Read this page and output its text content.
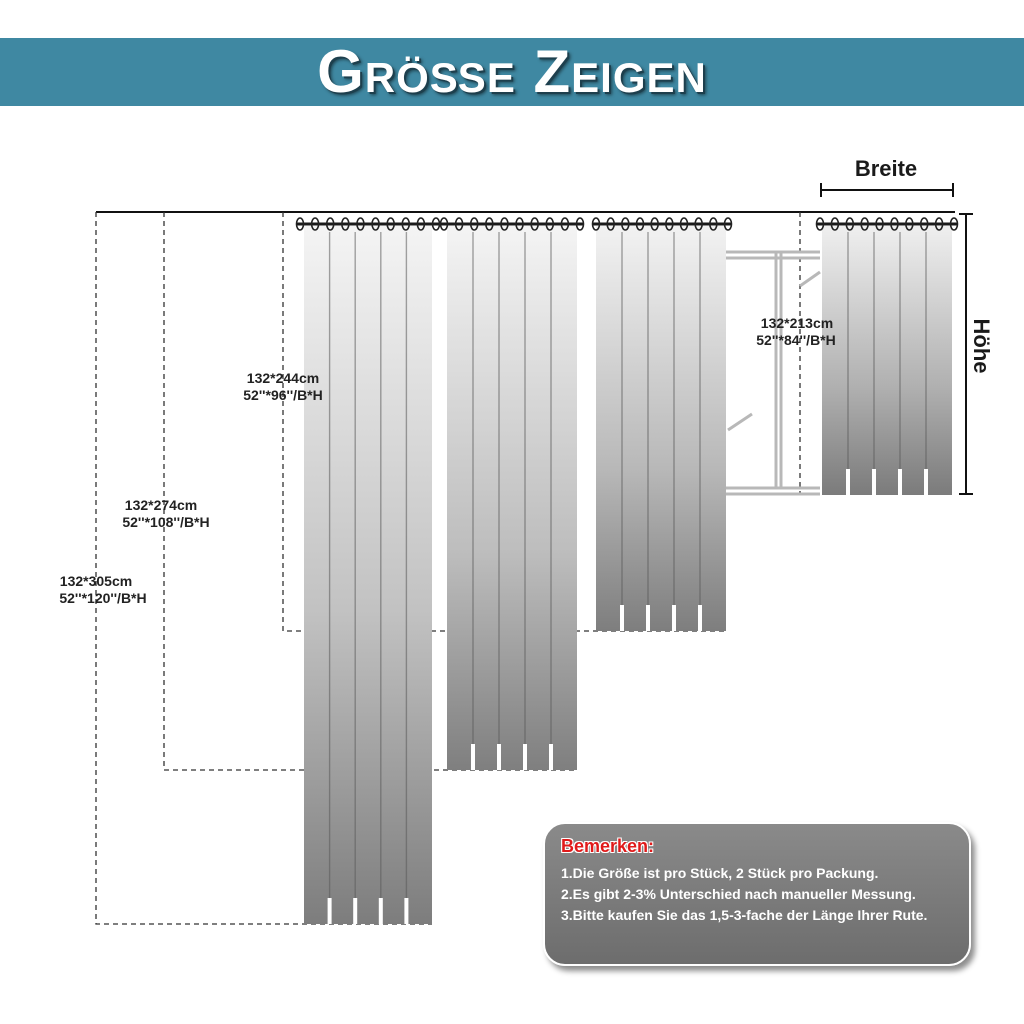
Größe Zeigen
Breite
Höhe
132*305cm
52''*120''/B*H
132*274cm
52''*108''/B*H
132*244cm
52''*96''/B*H
132*213cm
52''*84''/B*H
Bemerken:
1.Die Größe ist pro Stück, 2 Stück pro Packung.
2.Es gibt 2-3% Unterschied nach manueller Messung.
3.Bitte kaufen Sie das 1,5-3-fache der Länge Ihrer Rute.
